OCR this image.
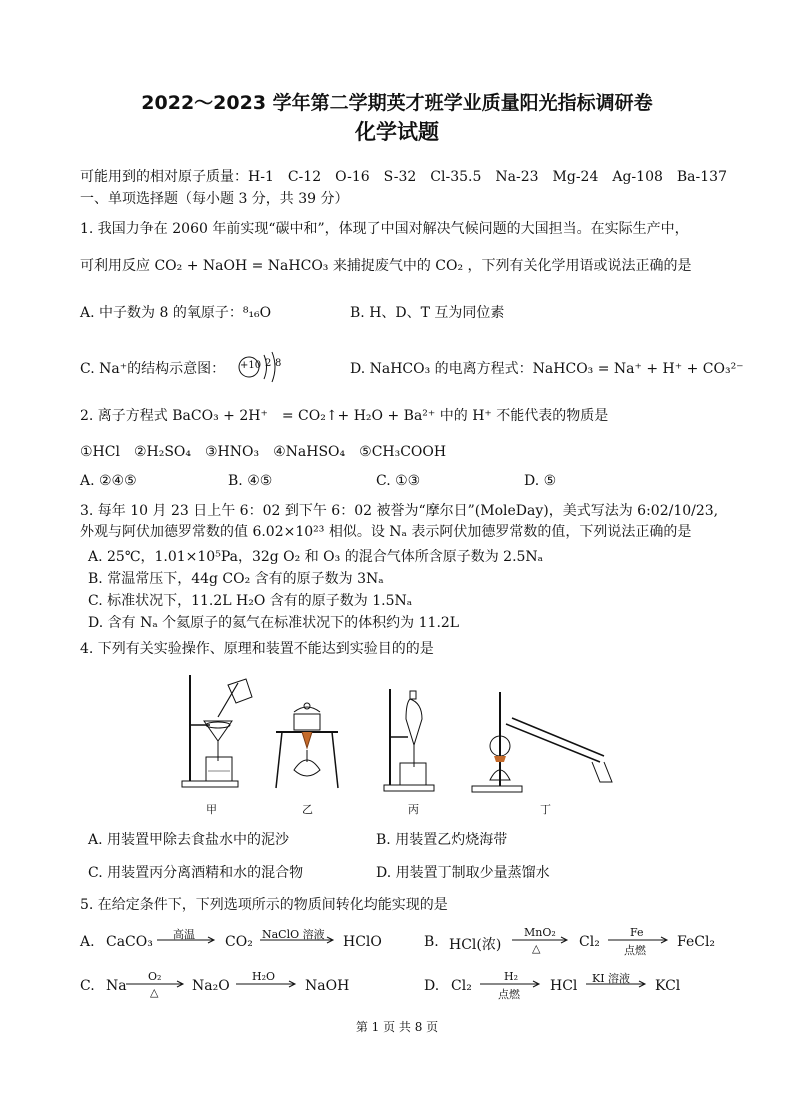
2022～2023 学年第二学期英才班学业质量阳光指标调研卷
化学试题
可能用到的相对原子质量：H-1　C-12　O-16　S-32　Cl-35.5　Na-23　Mg-24　Ag-108　Ba-137
一、单项选择题（每小题 3 分，共 39 分）
1. 我国力争在 2060 年前实现“碳中和”，体现了中国对解决气候问题的大国担当。在实际生产中，
可利用反应 CO₂ + NaOH = NaHCO₃ 来捕捉废气中的 CO₂ ，下列有关化学用语或说法正确的是
A. 中子数为 8 的氧原子：⁸₁₆O	B. H、D、T 互为同位素
C. Na⁺的结构示意图： +10 2 8	D. NaHCO₃ 的电离方程式：NaHCO₃ = Na⁺ + H⁺ + CO₃²⁻
2. 离子方程式 BaCO₃ + 2H⁺　= CO₂↑+ H₂O + Ba²⁺ 中的 H⁺ 不能代表的物质是
①HCl　②H₂SO₄　③HNO₃　④NaHSO₄　⑤CH₃COOH
A. ②④⑤	B. ④⑤	C. ①③	D. ⑤
3. 每年 10 月 23 日上午 6：02 到下午 6：02 被誉为“摩尔日”(MoleDay)，美式写法为 6:02/10/23,
外观与阿伏加德罗常数的值 6.02×10²³ 相似。设 Nₐ 表示阿伏加德罗常数的值，下列说法正确的是
A. 25℃，1.01×10⁵Pa，32g O₂ 和 O₃ 的混合气体所含原子数为 2.5Nₐ
B. 常温常压下，44g CO₂ 含有的原子数为 3Nₐ
C. 标准状况下，11.2L H₂O 含有的原子数为 1.5Nₐ
D. 含有 Nₐ 个氦原子的氦气在标准状况下的体积约为 11.2L
4. 下列有关实验操作、原理和装置不能达到实验目的的是
甲	乙	丙	丁
A. 用装置甲除去食盐水中的泥沙	B. 用装置乙灼烧海带
C. 用装置丙分离酒精和水的混合物	D. 用装置丁制取少量蒸馏水
5. 在给定条件下，下列选项所示的物质间转化均能实现的是
A. CaCO₃ 高温 CO₂ NaClO 溶液 HClO	B. HCl(浓)
MnO₂
△	Cl₂
Fe
点燃
FeCl₂
C. Na
O₂
△ Na₂O
H₂O
NaOH	D. Cl₂
H₂
点燃
HCl KI 溶液 KCl
第 1 页 共 8 页
